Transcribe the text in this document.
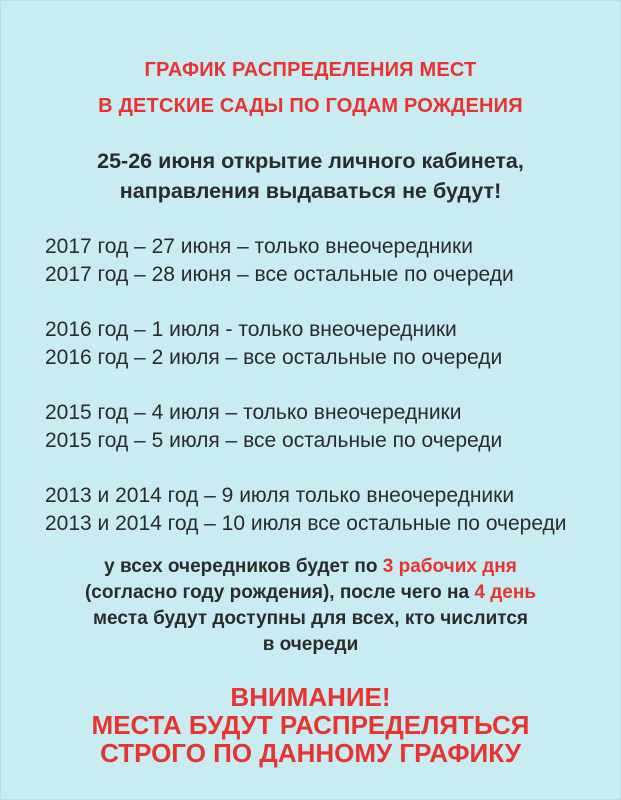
ГРАФИК РАСПРЕДЕЛЕНИЯ МЕСТ
В ДЕТСКИЕ САДЫ ПО ГОДАМ РОЖДЕНИЯ
25-26 июня открытие личного кабинета,
направления выдаваться не будут!
2017 год – 27 июня – только внеочередники
2017 год – 28 июня – все остальные по очереди
2016 год – 1 июля - только внеочередники
2016 год – 2 июля – все остальные по очереди
2015 год – 4 июля – только внеочередники
2015 год – 5 июля – все остальные по очереди
2013 и 2014 год – 9 июля только внеочередники
2013 и 2014 год – 10 июля все остальные по очереди
у всех очередников будет по 3 рабочих дня
(согласно году рождения), после чего на 4 день
места будут доступны для всех, кто числится
в очереди
ВНИМАНИЕ!
МЕСТА БУДУТ РАСПРЕДЕЛЯТЬСЯ
СТРОГО ПО ДАННОМУ ГРАФИКУ
